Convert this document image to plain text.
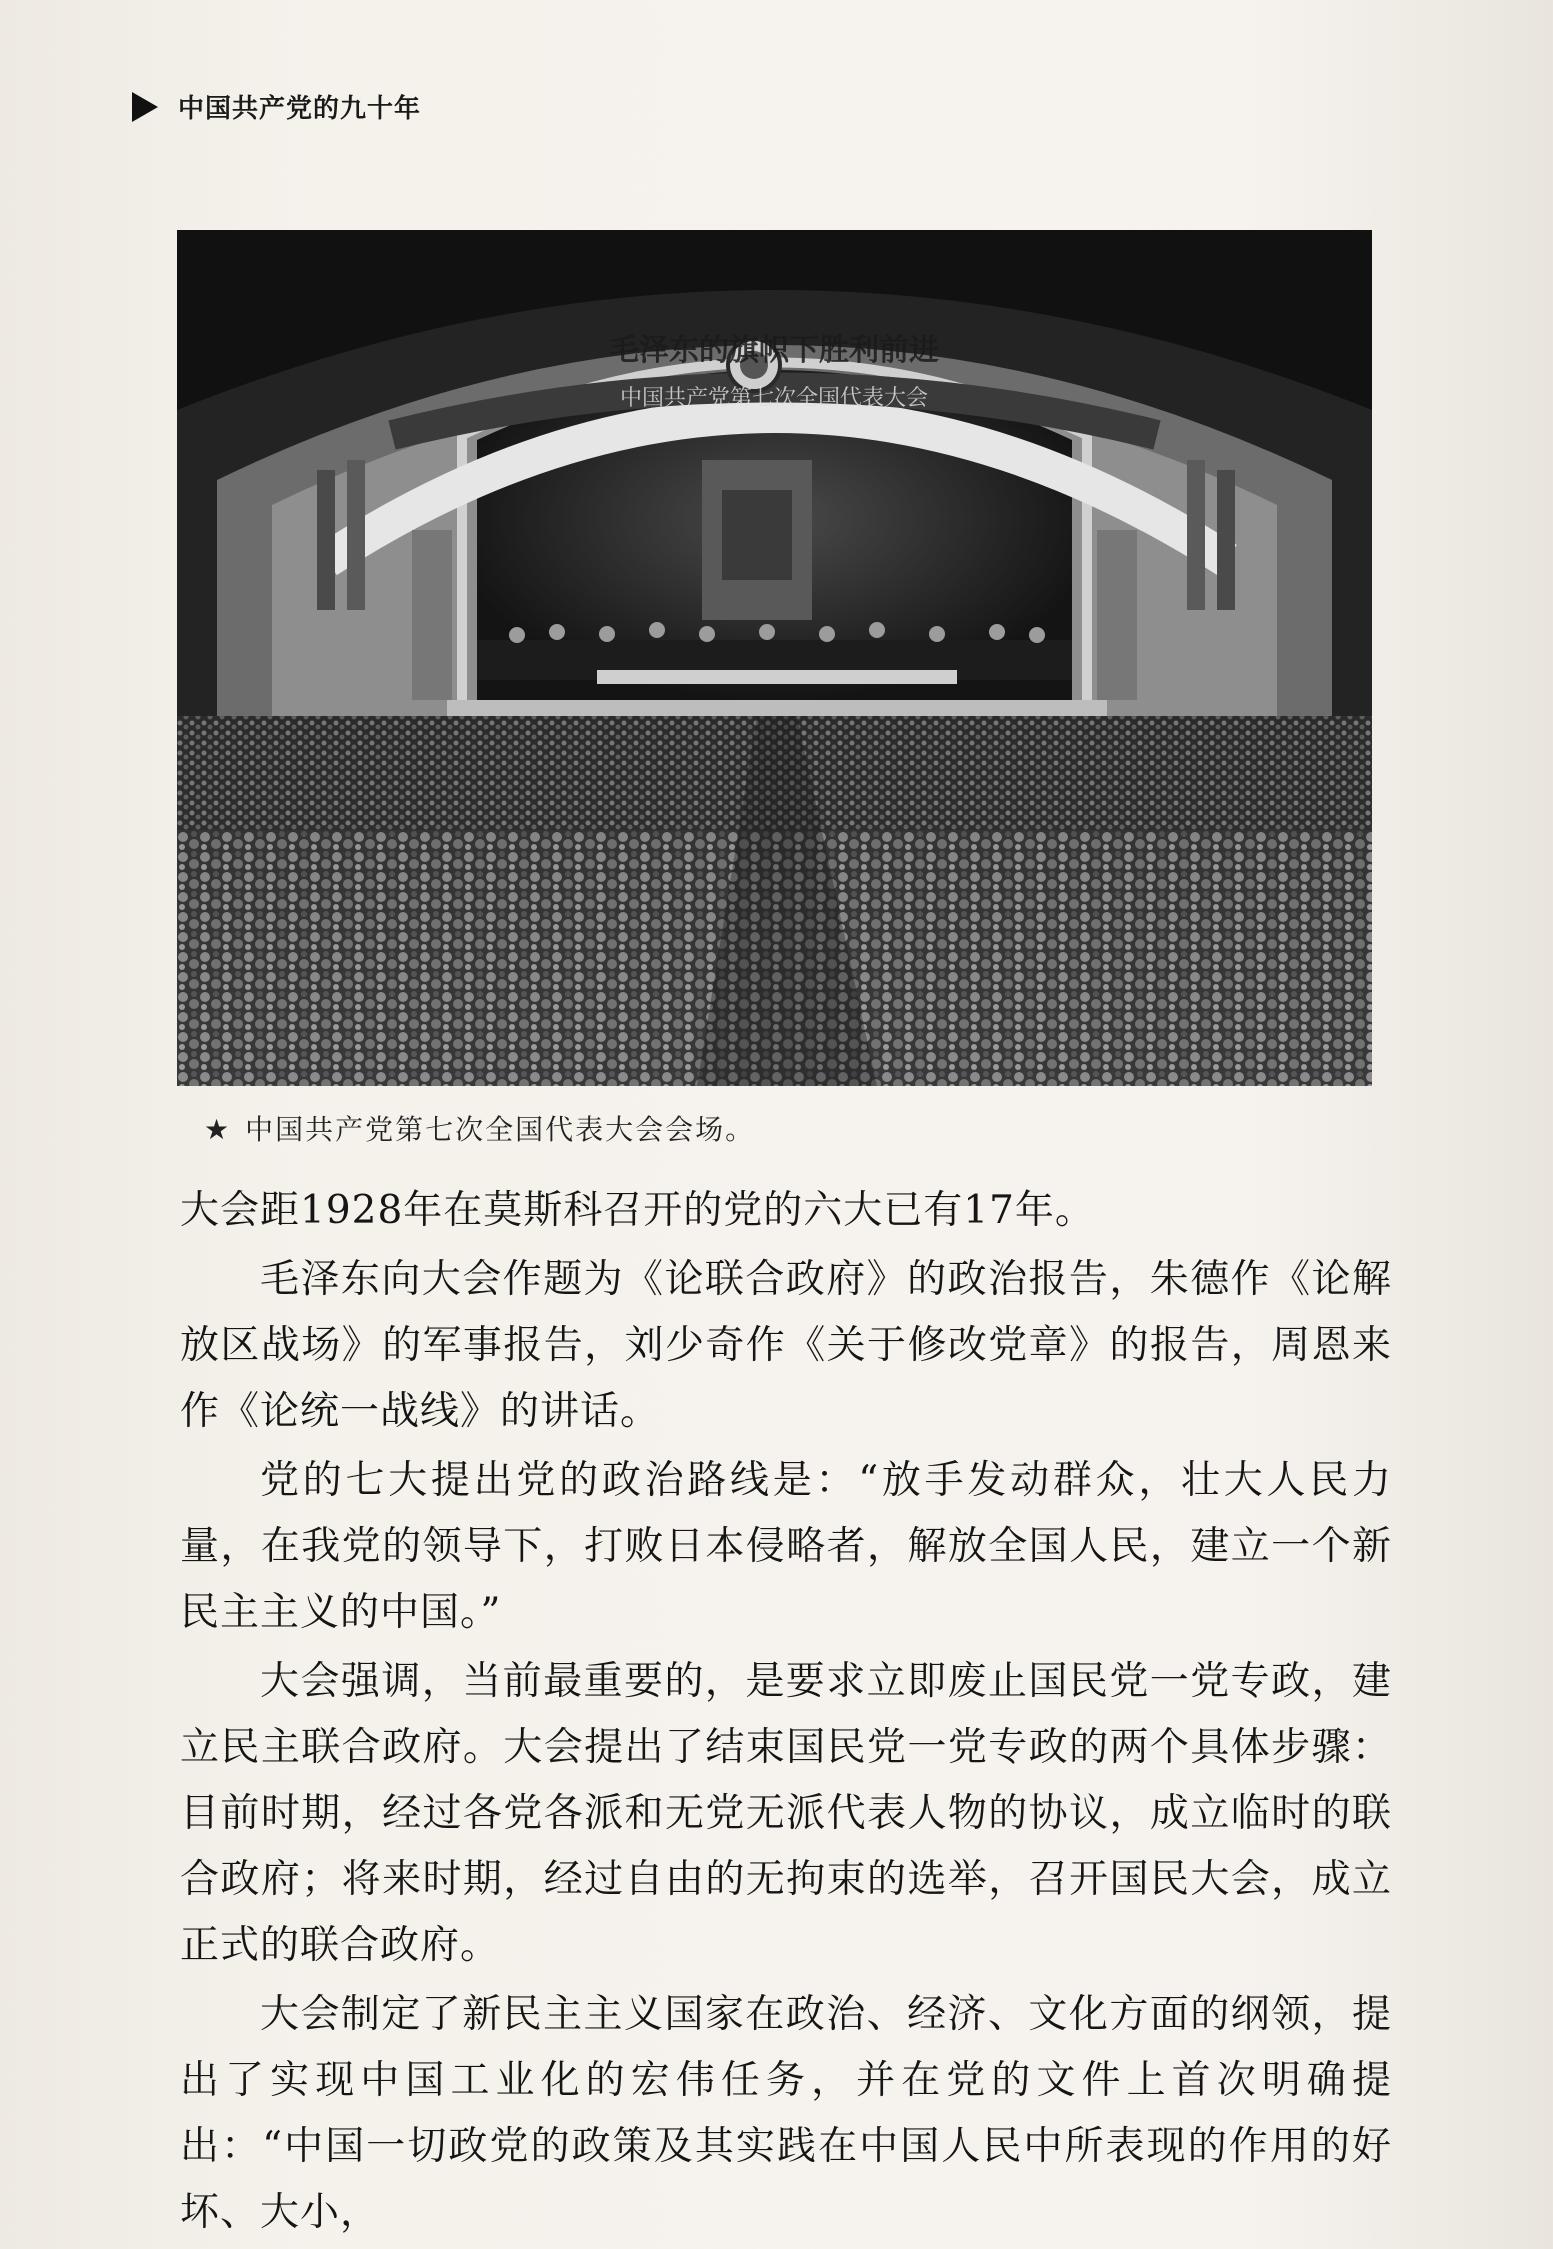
中国共产党的九十年
毛泽东的旗帜下胜利前进
中国共产党第七次全国代表大会
★ 中国共产党第七次全国代表大会会场。

大会距1928年在莫斯科召开的党的六大已有17年。

毛泽东向大会作题为《论联合政府》的政治报告，朱德作《论解放区战场》的军事报告，刘少奇作《关于修改党章》的报告，周恩来作《论统一战线》的讲话。

党的七大提出党的政治路线是：“放手发动群众，壮大人民力量，在我党的领导下，打败日本侵略者，解放全国人民，建立一个新民主主义的中国。”

大会强调，当前最重要的，是要求立即废止国民党一党专政，建立民主联合政府。大会提出了结束国民党一党专政的两个具体步骤：目前时期，经过各党各派和无党无派代表人物的协议，成立临时的联合政府；将来时期，经过自由的无拘束的选举，召开国民大会，成立正式的联合政府。

大会制定了新民主主义国家在政治、经济、文化方面的纲领，提出了实现中国工业化的宏伟任务，并在党的文件上首次明确提出：“中国一切政党的政策及其实践在中国人民中所表现的作用的好坏、大小，
